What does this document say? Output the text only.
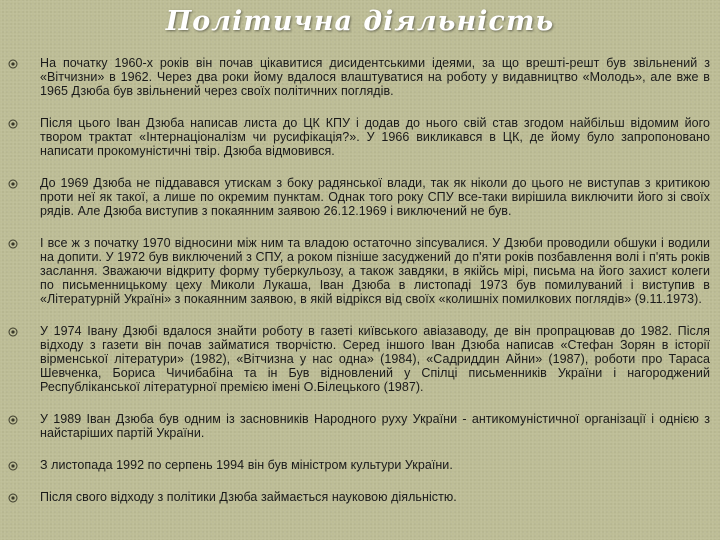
Політична діяльність
На початку 1960-х років він почав цікавитися дисидентськими ідеями, за що врешті-решт був звільнений з «Вітчизни» в 1962. Через два роки йому вдалося влаштуватися на роботу у видавництво «Молодь», але вже в 1965 Дзюба був звільнений через своїх політичних поглядів.
Після цього Іван Дзюба написав листа до ЦК КПУ і додав до нього свій став згодом найбільш відомим його твором трактат «Інтернаціоналізм чи русифікація?». У 1966 викликався в ЦК, де йому було запропоновано написати прокомуністичнi твір. Дзюба відмовився.
До 1969 Дзюба не піддавався утискам з боку радянської влади, так як ніколи до цього не виступав з критикою проти неї як такої, а лише по окремим пунктам. Однак того року СПУ все-таки вирішила виключити його зі своїх рядів. Але Дзюба виступив з покаянним заявою 26.12.1969 і виключений не був.
І все ж з початку 1970 відносини між ним та владою остаточно зіпсувалися. У Дзюби проводили обшуки і водили на допити. У 1972 був виключений з СПУ, а роком пізніше засуджений до п'яти років позбавлення волі і п'ять років заслання. Зважаючи відкриту форму туберкульозу, а також завдяки, в якійсь мірі, письма на його захист колеги по письменницькому цеху Миколи Лукаша, Іван Дзюба в листопаді 1973 був помилуваний і виступив в «Літературній Україні» з покаянним заявою, в якій відрікся від своїх «колишніх помилкових поглядів» (9.11.1973).
У 1974 Івану Дзюбі вдалося знайти роботу в газеті київського авіазаводу, де він пропрацював до 1982. Після відходу з газети він почав займатися творчістю. Серед іншого Іван Дзюба написав «Стефан Зорян в історії вірменської літератури» (1982), «Вітчизна у нас одна» (1984), «Садриддин Айни» (1987), роботи про Тараса Шевченка, Бориса Чичибабіна та ін Був відновлений у Спілці письменників України і нагороджений Республіканської літературної премією імені О.Білецького (1987).
У 1989 Іван Дзюба був одним із засновників Народного руху України - антикомуністичної організації і однією з найстаріших партій України.
З листопада 1992 по серпень 1994 він був міністром культури України.
Після свого відходу з політики Дзюба займається науковою діяльністю.
